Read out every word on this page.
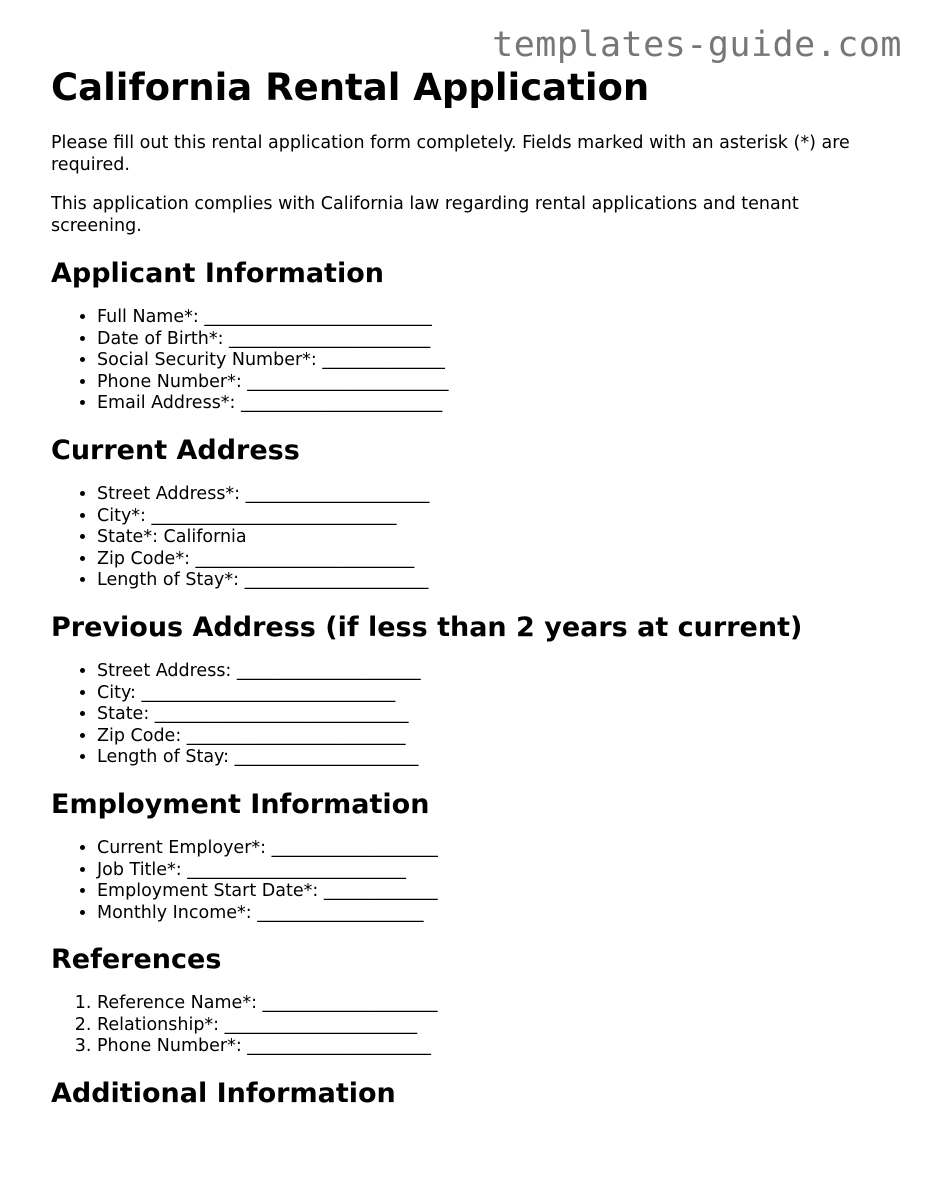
templates-guide.com
California Rental Application

Please fill out this rental application form completely. Fields marked with an asterisk (*) are required.

This application complies with California law regarding rental applications and tenant screening.

Applicant Information
• Full Name*: __________________________
• Date of Birth*: _______________________
• Social Security Number*: ______________
• Phone Number*: _______________________
• Email Address*: _______________________
Current Address
• Street Address*: _____________________
• City*: ____________________________
• State*: California
• Zip Code*: _________________________
• Length of Stay*: _____________________
Previous Address (if less than 2 years at current)
• Street Address: _____________________
• City: _____________________________
• State: _____________________________
• Zip Code: _________________________
• Length of Stay: _____________________
Employment Information
• Current Employer*: ___________________
• Job Title*: _________________________
• Employment Start Date*: _____________
• Monthly Income*: ___________________
References
1. Reference Name*: ____________________
2. Relationship*: ______________________
3. Phone Number*: _____________________
Additional Information
